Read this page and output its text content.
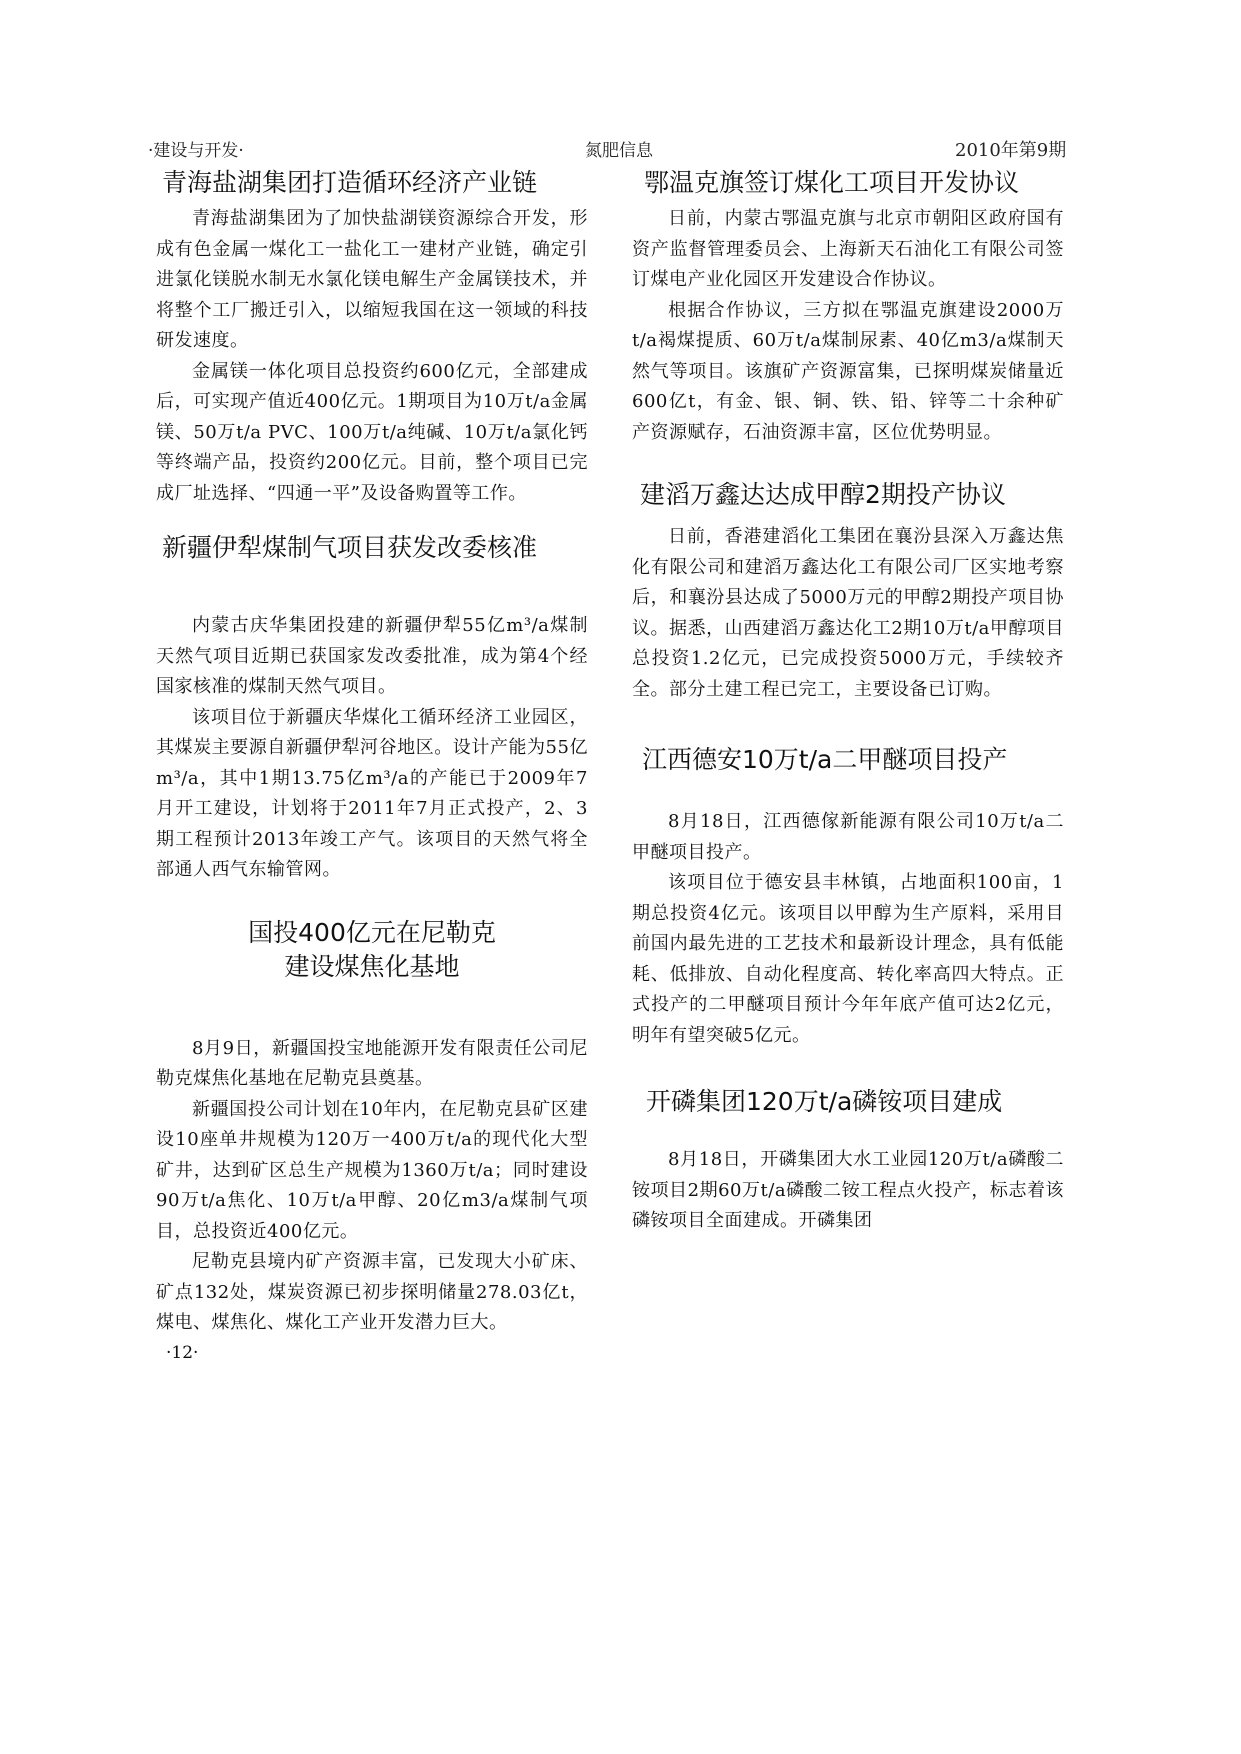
·建设与开发·	氮肥信息	2010年第9期
青海盐湖集团打造循环经济产业链

青海盐湖集团为了加快盐湖镁资源综合开发，形成有色金属一煤化工一盐化工一建材产业链，确定引进氯化镁脱水制无水氯化镁电解生产金属镁技术，并将整个工厂搬迁引入，以缩短我国在这一领域的科技研发速度。

金属镁一体化项目总投资约600亿元，全部建成后，可实现产值近400亿元。1期项目为10万t/a金属镁、50万t/a PVC、100万t/a纯碱、10万t/a氯化钙等终端产品，投资约200亿元。目前，整个项目已完成厂址选择、“四通一平”及设备购置等工作。

新疆伊犁煤制气项目获发改委核准

内蒙古庆华集团投建的新疆伊犁55亿m³/a煤制天然气项目近期已获国家发改委批准，成为第4个经国家核准的煤制天然气项目。

该项目位于新疆庆华煤化工循环经济工业园区，其煤炭主要源自新疆伊犁河谷地区。设计产能为55亿m³/a，其中1期13.75亿m³/a的产能已于2009年7月开工建设，计划将于2011年7月正式投产，2、3期工程预计2013年竣工产气。该项目的天然气将全部通人西气东输管网。

国投400亿元在尼勒克
建设煤焦化基地

8月9日，新疆国投宝地能源开发有限责任公司尼勒克煤焦化基地在尼勒克县奠基。

新疆国投公司计划在10年内，在尼勒克县矿区建设10座单井规模为120万一400万t/a的现代化大型矿井，达到矿区总生产规模为1360万t/a；同时建设90万t/a焦化、10万t/a甲醇、20亿m3/a煤制气项目，总投资近400亿元。

尼勒克县境内矿产资源丰富，已发现大小矿床、矿点132处，煤炭资源已初步探明储量278.03亿t，煤电、煤焦化、煤化工产业开发潜力巨大。

·12·
鄂温克旗签订煤化工项目开发协议

日前，内蒙古鄂温克旗与北京市朝阳区政府国有资产监督管理委员会、上海新天石油化工有限公司签订煤电产业化园区开发建设合作协议。

根据合作协议，三方拟在鄂温克旗建设2000万t/a褐煤提质、60万t/a煤制尿素、40亿m3/a煤制天然气等项目。该旗矿产资源富集，已探明煤炭储量近600亿t，有金、银、铜、铁、铅、锌等二十余种矿产资源赋存，石油资源丰富，区位优势明显。

建滔万鑫达达成甲醇2期投产协议

日前，香港建滔化工集团在襄汾县深入万鑫达焦化有限公司和建滔万鑫达化工有限公司厂区实地考察后，和襄汾县达成了5000万元的甲醇2期投产项目协议。据悉，山西建滔万鑫达化工2期10万t/a甲醇项目总投资1.2亿元，已完成投资5000万元，手续较齐全。部分土建工程已完工，主要设备已订购。

江西德安10万t/a二甲醚项目投产

8月18日，江西德傢新能源有限公司10万t/a二甲醚项目投产。

该项目位于德安县丰林镇，占地面积100亩，1期总投资4亿元。该项目以甲醇为生产原料，采用目前国内最先进的工艺技术和最新设计理念，具有低能耗、低排放、自动化程度高、转化率高四大特点。正式投产的二甲醚项目预计今年年底产值可达2亿元，明年有望突破5亿元。

开磷集团120万t/a磷铵项目建成

8月18日，开磷集团大水工业园120万t/a磷酸二铵项目2期60万t/a磷酸二铵工程点火投产，标志着该磷铵项目全面建成。开磷集团
